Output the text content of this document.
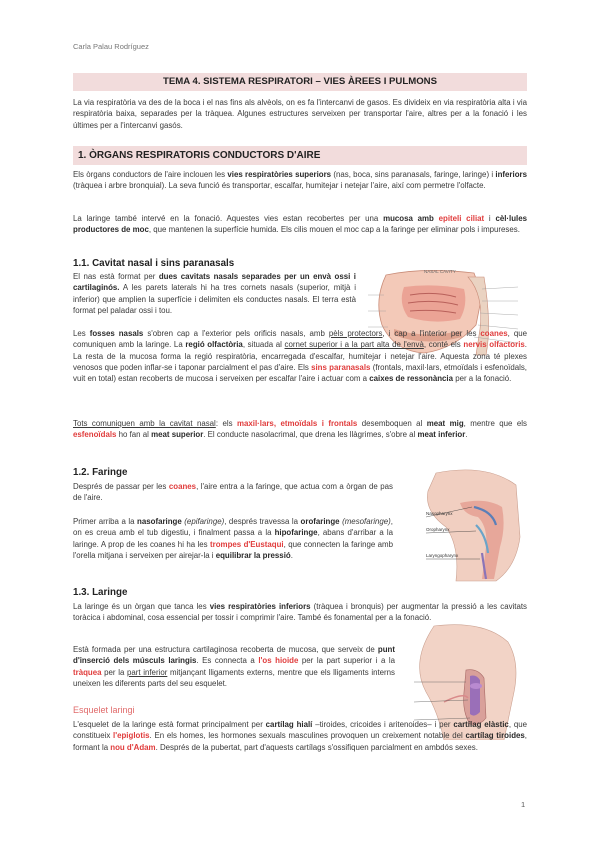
Carla Palau Rodríguez
TEMA 4. SISTEMA RESPIRATORI – VIES ÀREES I PULMONS

La via respiratòria va des de la boca i el nas fins als alvèols, on es fa l'intercanvi de gasos. Es divideix en via respiratòria alta i via respiratòria baixa, separades per la tràquea. Algunes estructures serveixen per transportar l'aire, altres per a la fonació i les últimes per a l'intercanvi gasós.

1. ÒRGANS RESPIRATORIS CONDUCTORS D'AIRE

Els òrgans conductors de l'aire inclouen les vies respiratòries superiors (nas, boca, sins paranasals, faringe, laringe) i inferiors (tràquea i arbre bronquial). La seva funció és transportar, escalfar, humitejar i netejar l'aire, així com permetre l'olfacte.

La laringe també intervé en la fonació. Aquestes vies estan recobertes per una mucosa amb epiteli ciliat i cèl·lules productores de moc, que mantenen la superfície humida. Els cilis mouen el moc cap a la faringe per eliminar pols i impureses.

1.1. Cavitat nasal i sins paranasals

El nas està format per dues cavitats nasals separades per un envà ossi i cartilaginós. A les parets laterals hi ha tres cornets nasals (superior, mitjà i inferior) que amplien la superfície i delimiten els conductes nasals. El terra està format pel paladar ossi i tou.

NASAL CAVITY

Les fosses nasals s'obren cap a l'exterior pels orificis nasals, amb pèls protectors, i cap a l'interior per les coanes, que comuniquen amb la laringe. La regió olfactòria, situada al cornet superior i a la part alta de l'envà, conté els nervis olfactoris. La resta de la mucosa forma la regió respiratòria, encarregada d'escalfar, humitejar i netejar l'aire. Aquesta zona té plexes venosos que poden inflar-se i taponar parcialment el pas d'aire. Els sins paranasals (frontals, maxil·lars, etmoïdals i esfenoïdals, vuit en total) estan recoberts de mucosa i serveixen per escalfar l'aire i actuar com a caixes de ressonància per a la fonació.

Tots comuniquen amb la cavitat nasal: els maxil·lars, etmoïdals i frontals desemboquen al meat mig, mentre que els esfenoïdals ho fan al meat superior. El conducte nasolacrimal, que drena les llàgrimes, s'obre al meat inferior.

1.2. Faringe

Després de passar per les coanes, l'aire entra a la faringe, que actua com a òrgan de pas de l'aire.

Primer arriba a la nasofaringe (epifaringe), després travessa la orofaringe (mesofaringe), on es creua amb el tub digestiu, i finalment passa a la hipofaringe, abans d'arribar a la laringe. A prop de les coanes hi ha les trompes d'Eustaqui, que connecten la faringe amb l'orella mitjana i serveixen per airejar-la i equilibrar la pressió.

Nasopharynx
Oropharynx
Laryngopharynx
1.3. Laringe

La laringe és un òrgan que tanca les vies respiratòries inferiors (tràquea i bronquis) per augmentar la pressió a les cavitats toràcica i abdominal, cosa essencial per tossir i comprimir l'aire. També és fonamental per a la fonació.

Està formada per una estructura cartilaginosa recoberta de mucosa, que serveix de punt d'inserció dels músculs laringis. Es connecta a l'os hioide per la part superior i a la tràquea per la part inferior mitjançant lligaments externs, mentre que els lligaments interns uneixen les diferents parts del seu esquelet.

Esquelet laringi

L'esquelet de la laringe està format principalment per cartílag hialí –tiroides, cricoides i aritenoides– i per cartílag elàstic, que constitueix l'epiglotis. En els homes, les hormones sexuals masculines provoquen un creixement notable del cartílag tiroides, formant la nou d'Adam. Després de la pubertat, part d'aquests cartílags s'ossifiquen parcialment en ambdós sexes.

1
